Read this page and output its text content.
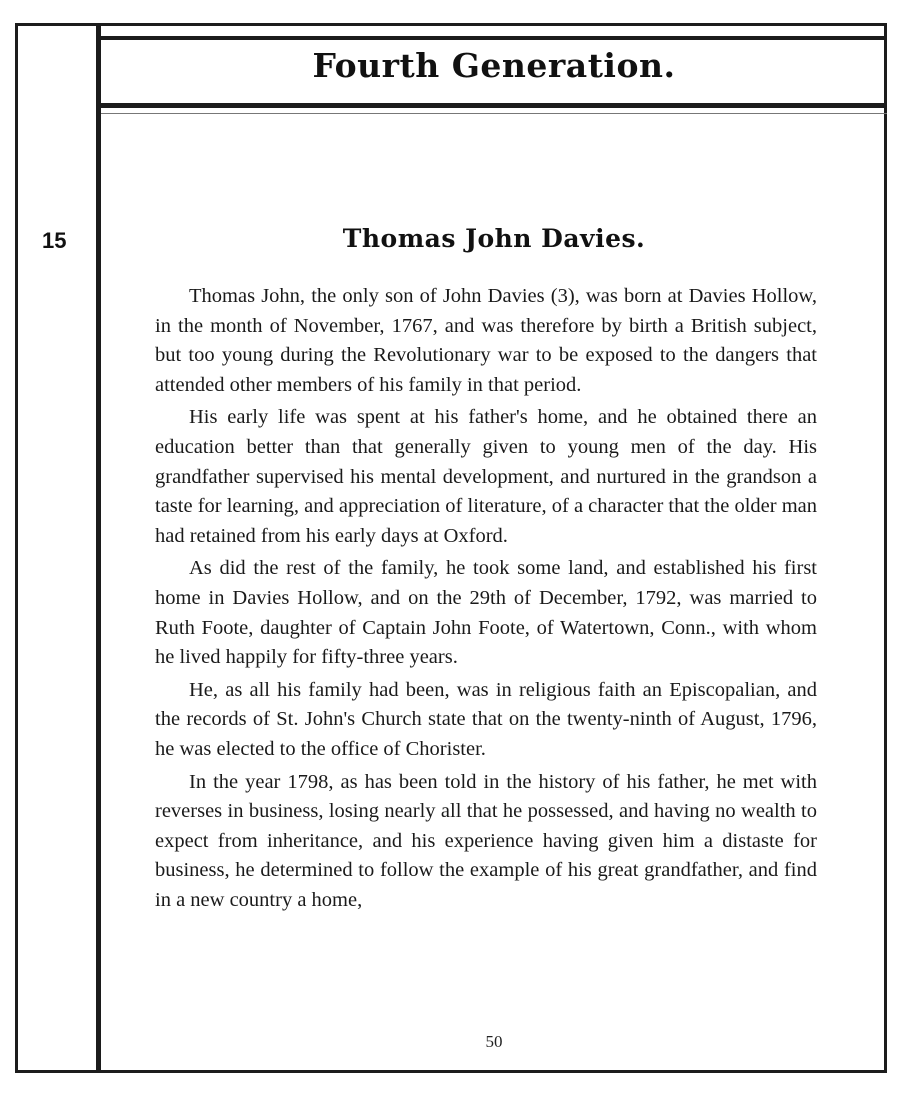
Fourth Generation.
15	Thomas John Davies.

Thomas John, the only son of John Davies (3), was born at Davies Hollow, in the month of November, 1767, and was therefore by birth a British subject, but too young during the Revolutionary war to be exposed to the dangers that attended other members of his family in that period.

His early life was spent at his father's home, and he obtained there an education better than that generally given to young men of the day. His grandfather supervised his mental development, and nurtured in the grandson a taste for learning, and appreciation of literature, of a character that the older man had retained from his early days at Oxford.

As did the rest of the family, he took some land, and established his first home in Davies Hollow, and on the 29th of December, 1792, was married to Ruth Foote, daughter of Captain John Foote, of Watertown, Conn., with whom he lived happily for fifty-three years.

He, as all his family had been, was in religious faith an Episcopalian, and the records of St. John's Church state that on the twenty-ninth of August, 1796, he was elected to the office of Chorister.

In the year 1798, as has been told in the history of his father, he met with reverses in business, losing nearly all that he possessed, and having no wealth to expect from inheritance, and his experience having given him a distaste for business, he determined to follow the example of his great grandfather, and find in a new country a home,

50
